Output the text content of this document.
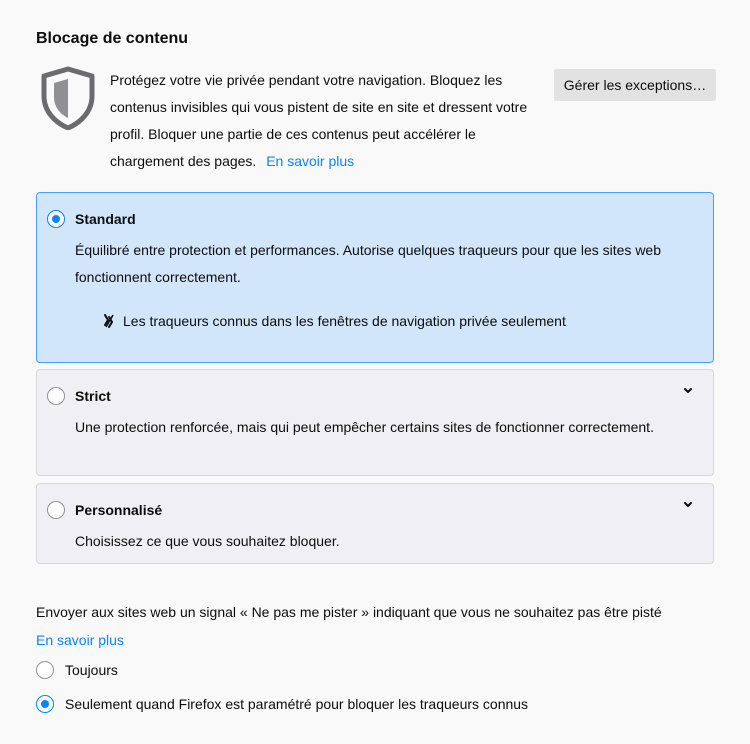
Blocage de contenu
Protégez votre vie privée pendant votre navigation. Bloquez les contenus invisibles qui vous pistent de site en site et dressent votre profil. Bloquer une partie de ces contenus peut accélérer le chargement des pages. En savoir plus
Gérer les exceptions…
Standard
Équilibré entre protection et performances. Autorise quelques traqueurs pour que les sites web fonctionnent correctement.
Les traqueurs connus dans les fenêtres de navigation privée seulement
Strict
Une protection renforcée, mais qui peut empêcher certains sites de fonctionner correctement.
Personnalisé
Choisissez ce que vous souhaitez bloquer.
Envoyer aux sites web un signal « Ne pas me pister » indiquant que vous ne souhaitez pas être pisté
En savoir plus
Toujours
Seulement quand Firefox est paramétré pour bloquer les traqueurs connus
